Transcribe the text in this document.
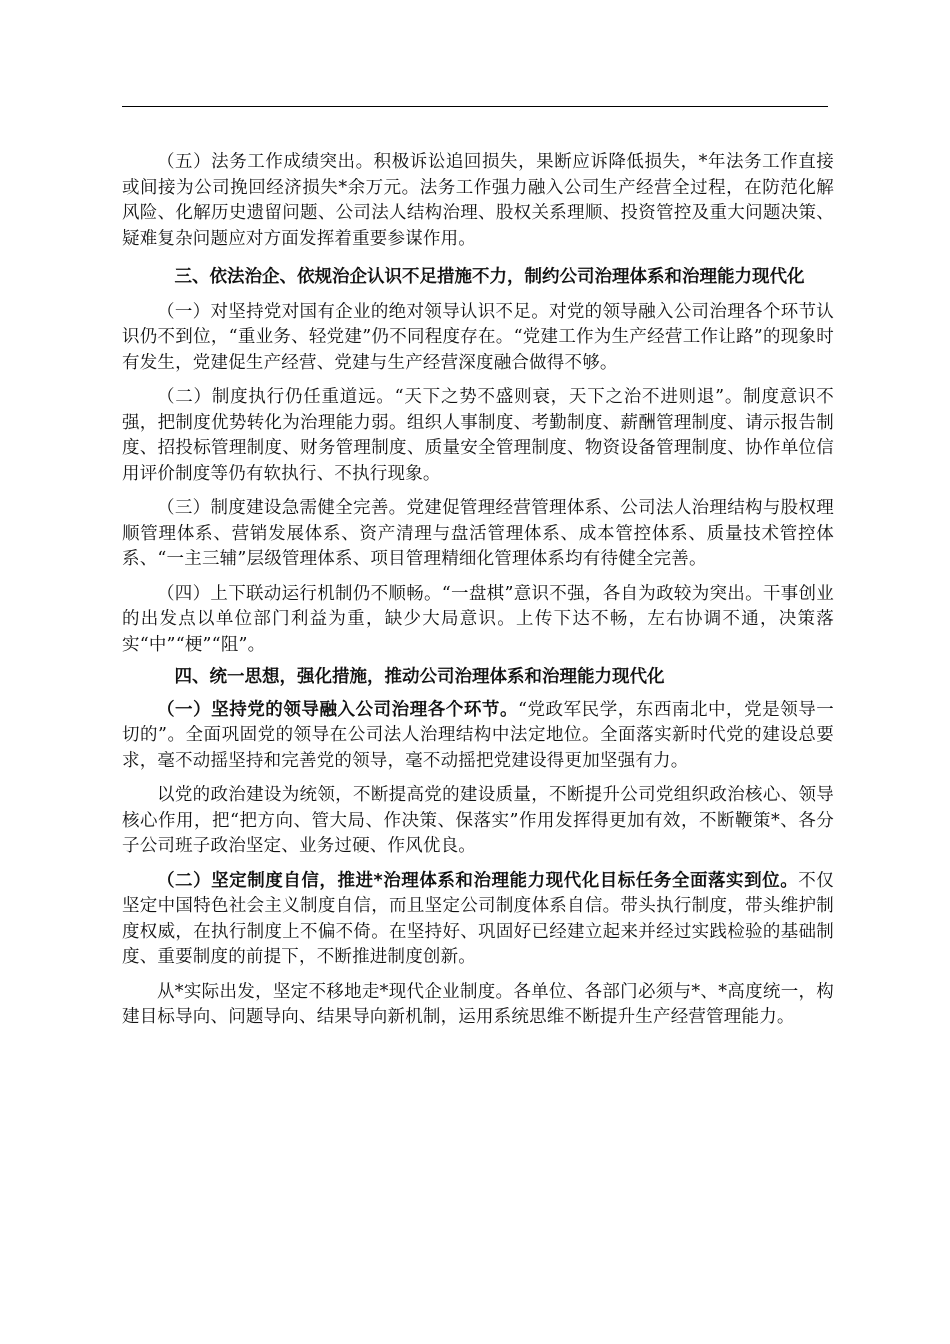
（五）法务工作成绩突出。积极诉讼追回损失，果断应诉降低损失，*年法务工作直接或间接为公司挽回经济损失*余万元。法务工作强力融入公司生产经营全过程，在防范化解风险、化解历史遗留问题、公司法人结构治理、股权关系理顺、投资管控及重大问题决策、疑难复杂问题应对方面发挥着重要参谋作用。

三、依法治企、依规治企认识不足措施不力，制约公司治理体系和治理能力现代化

（一）对坚持党对国有企业的绝对领导认识不足。对党的领导融入公司治理各个环节认识仍不到位，“重业务、轻党建”仍不同程度存在。“党建工作为生产经营工作让路”的现象时有发生，党建促生产经营、党建与生产经营深度融合做得不够。

（二）制度执行仍任重道远。“天下之势不盛则衰，天下之治不进则退”。制度意识不强，把制度优势转化为治理能力弱。组织人事制度、考勤制度、薪酬管理制度、请示报告制度、招投标管理制度、财务管理制度、质量安全管理制度、物资设备管理制度、协作单位信用评价制度等仍有软执行、不执行现象。

（三）制度建设急需健全完善。党建促管理经营管理体系、公司法人治理结构与股权理顺管理体系、营销发展体系、资产清理与盘活管理体系、成本管控体系、质量技术管控体系、“一主三辅”层级管理体系、项目管理精细化管理体系均有待健全完善。

（四）上下联动运行机制仍不顺畅。“一盘棋”意识不强，各自为政较为突出。干事创业的出发点以单位部门利益为重，缺少大局意识。上传下达不畅，左右协调不通，决策落实“中”“梗”“阻”。

四、统一思想，强化措施，推动公司治理体系和治理能力现代化

（一）坚持党的领导融入公司治理各个环节。“党政军民学，东西南北中，党是领导一切的”。全面巩固党的领导在公司法人治理结构中法定地位。全面落实新时代党的建设总要求，毫不动摇坚持和完善党的领导，毫不动摇把党建设得更加坚强有力。

以党的政治建设为统领，不断提高党的建设质量，不断提升公司党组织政治核心、领导核心作用，把“把方向、管大局、作决策、保落实”作用发挥得更加有效，不断鞭策*、各分子公司班子政治坚定、业务过硬、作风优良。

（二）坚定制度自信，推进*治理体系和治理能力现代化目标任务全面落实到位。不仅坚定中国特色社会主义制度自信，而且坚定公司制度体系自信。带头执行制度，带头维护制度权威，在执行制度上不偏不倚。在坚持好、巩固好已经建立起来并经过实践检验的基础制度、重要制度的前提下，不断推进制度创新。

从*实际出发，坚定不移地走*现代企业制度。各单位、各部门必须与*、*高度统一，构建目标导向、问题导向、结果导向新机制，运用系统思维不断提升生产经营管理能力。
